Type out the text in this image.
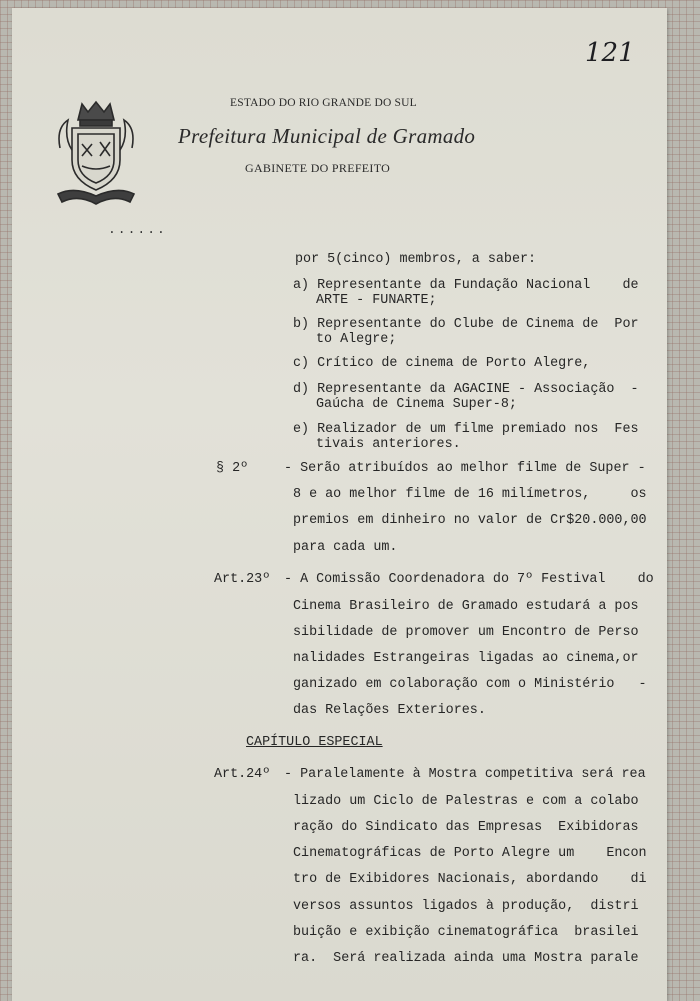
121
ESTADO DO RIO GRANDE DO SUL
Prefeitura Municipal de Gramado
GABINETE DO PREFEITO
......
por 5(cinco) membros, a saber:
a) Representante da Fundação Nacional    de
ARTE - FUNARTE;
b) Representante do Clube de Cinema de  Por
to Alegre;
c) Crítico de cinema de Porto Alegre,
d) Representante da AGACINE - Associação  -
Gaúcha de Cinema Super-8;
e) Realizador de um filme premiado nos  Fes
tivais anteriores.
§ 2º	- Serão atribuídos ao melhor filme de Super -
8 e ao melhor filme de 16 milímetros,     os
premios em dinheiro no valor de Cr$20.000,00
para cada um.
Art.23º - A Comissão Coordenadora do 7º Festival    do
Cinema Brasileiro de Gramado estudará a pos
sibilidade de promover um Encontro de Perso
nalidades Estrangeiras ligadas ao cinema,or
ganizado em colaboração com o Ministério   -
das Relações Exteriores.
CAPÍTULO ESPECIAL
Art.24º - Paralelamente à Mostra competitiva será rea
lizado um Ciclo de Palestras e com a colabo
ração do Sindicato das Empresas  Exibidoras
Cinematográficas de Porto Alegre um    Encon
tro de Exibidores Nacionais, abordando    di
versos assuntos ligados à produção,  distri
buição e exibição cinematográfica  brasilei
ra.  Será realizada ainda uma Mostra parale
